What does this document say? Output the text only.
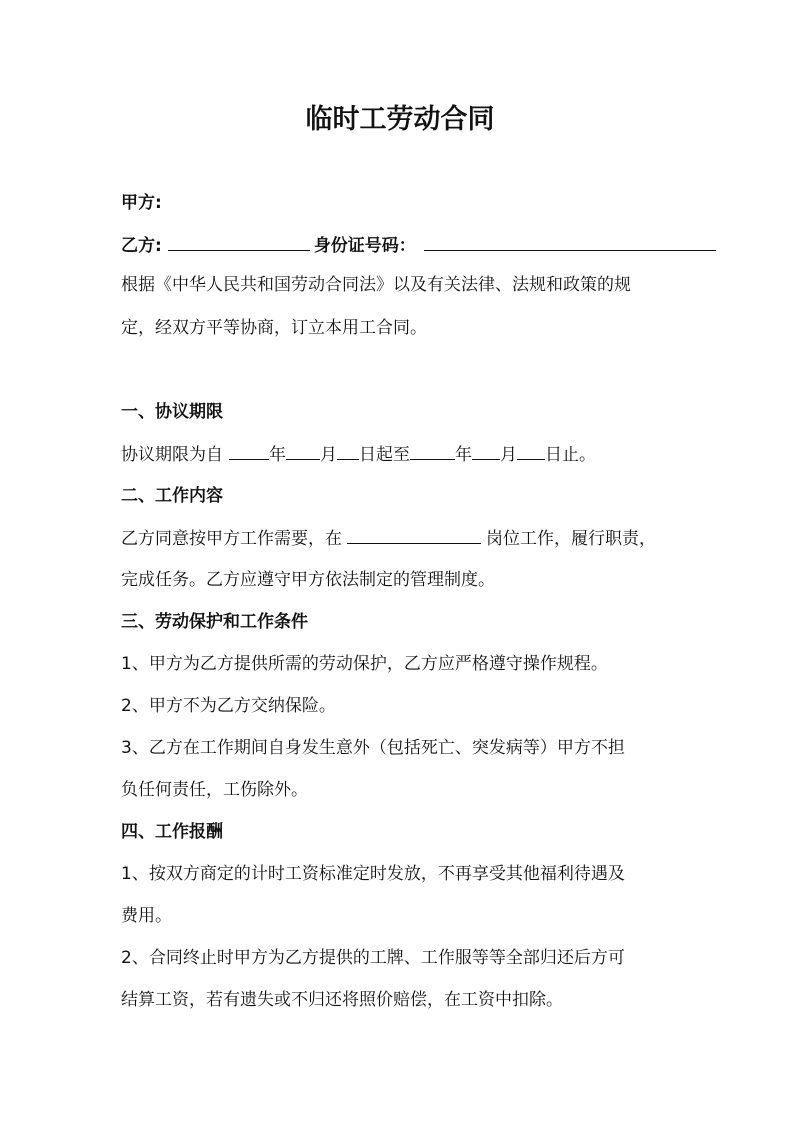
临时工劳动合同
甲方:
乙方:	身份证号码：
根据《中华人民共和国劳动合同法》以及有关法律、法规和政策的规
定，经双方平等协商，订立本用工合同。
一、协议期限
协议期限为自	年 月 日起至	年 月 日止。
二、工作内容
乙方同意按甲方工作需要，在	岗位工作，履行职责，
完成任务。乙方应遵守甲方依法制定的管理制度。
三、劳动保护和工作条件
1、甲方为乙方提供所需的劳动保护，乙方应严格遵守操作规程。
2、甲方不为乙方交纳保险。
3、乙方在工作期间自身发生意外（包括死亡、突发病等）甲方不担
负任何责任，工伤除外。
四、工作报酬
1、按双方商定的计时工资标准定时发放，不再享受其他福利待遇及
费用。
2、合同终止时甲方为乙方提供的工牌、工作服等等全部归还后方可
结算工资，若有遗失或不归还将照价赔偿，在工资中扣除。
